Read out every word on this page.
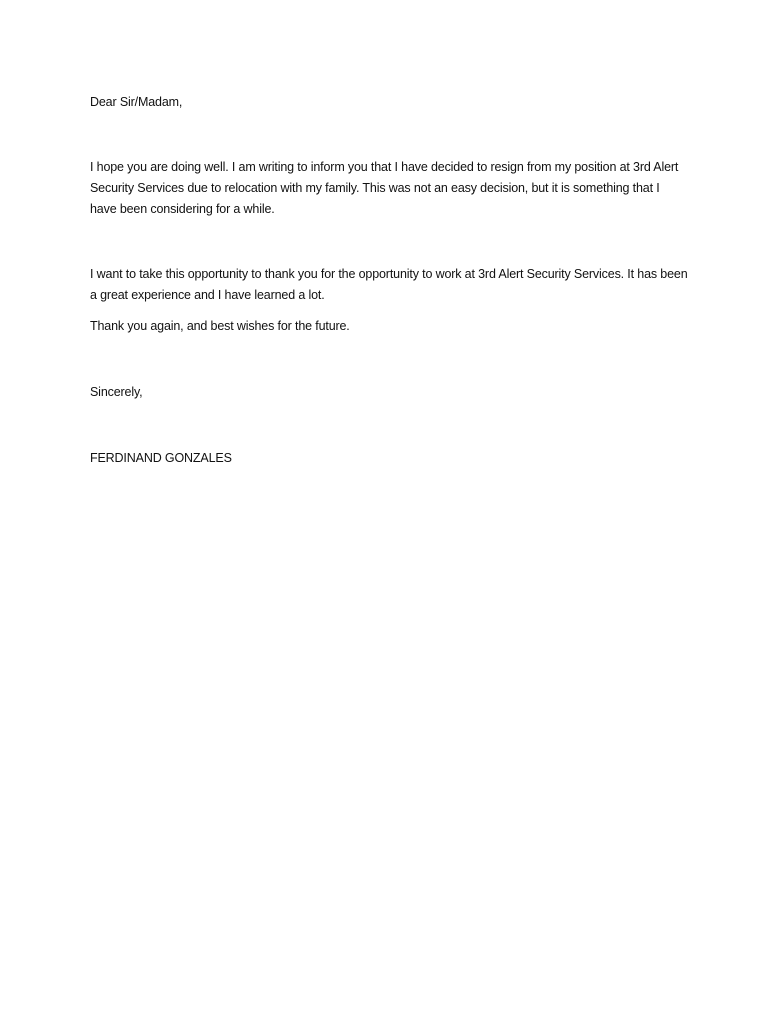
Dear Sir/Madam,
I hope you are doing well. I am writing to inform you that I have decided to resign from my position at 3rd Alert Security Services due to relocation with my family. This was not an easy decision, but it is something that I have been considering for a while.
I want to take this opportunity to thank you for the opportunity to work at 3rd Alert Security Services. It has been a great experience and I have learned a lot.
Thank you again, and best wishes for the future.
Sincerely,
FERDINAND GONZALES
